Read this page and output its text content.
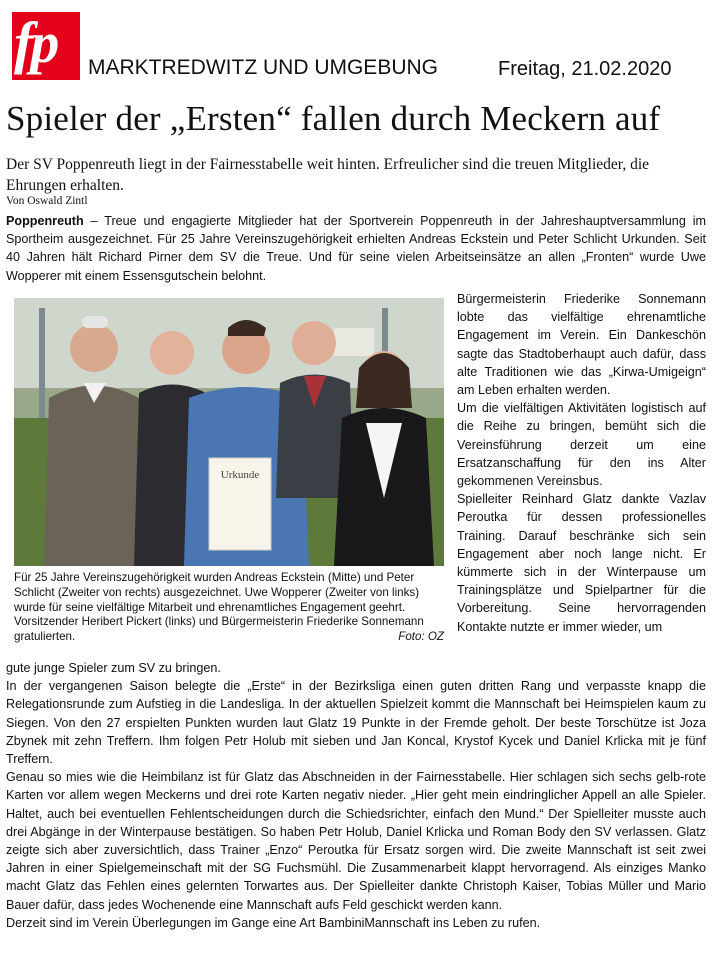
fp	MARKTREDWITZ UND UMGEBUNG	Freitag, 21.02.2020
Spieler der „Ersten“ fallen durch Meckern auf
Der SV Poppenreuth liegt in der Fairnesstabelle weit hinten. Erfreulicher sind die treuen Mitglieder, die Ehrungen erhalten.
Von Oswald Zintl
Poppenreuth – Treue und engagierte Mitglieder hat der Sportverein Poppenreuth in der Jahreshauptversammlung im Sportheim ausgezeichnet. Für 25 Jahre Vereinszugehörigkeit erhielten Andreas Eckstein und Peter Schlicht Urkunden. Seit 40 Jahren hält Richard Pirner dem SV die Treue. Und für seine vielen Arbeitseinsätze an allen „Fronten“ wurde Uwe Wopperer mit einem Essensgutschein belohnt.
Urkunde
Für 25 Jahre Vereinszugehörigkeit wurden Andreas Eckstein (Mitte) und Peter Schlicht (Zweiter von rechts) ausgezeichnet. Uwe Wopperer (Zweiter von links) wurde für seine vielfältige Mitarbeit und ehrenamtliches Engagement geehrt. Vorsitzender Heribert Pickert (links) und Bürgermeisterin Friederike Sonnemann gratulierten.	Foto: OZ

Bürgermeisterin Friederike Sonnemann lobte das vielfältige ehrenamtliche Engagement im Verein. Ein Dankeschön sagte das Stadtoberhaupt auch dafür, dass alte Traditionen wie das „Kirwa-Umigeign“ am Leben erhalten werden.

Um die vielfältigen Aktivitäten logistisch auf die Reihe zu bringen, bemüht sich die Vereinsführung derzeit um eine Ersatzanschaffung für den ins Alter gekommenen Vereinsbus.

Spielleiter Reinhard Glatz dankte Vazlav Peroutka für dessen professionelles Training. Darauf beschränke sich sein Engagement aber noch lange nicht. Er kümmerte sich in der Winterpause um Trainingsplätze und Spielpartner für die Vorbereitung. Seine hervorragenden Kontakte nutzte er immer wieder, um

gute junge Spieler zum SV zu bringen.

In der vergangenen Saison belegte die „Erste“ in der Bezirksliga einen guten dritten Rang und verpasste knapp die Relegationsrunde zum Aufstieg in die Landesliga. In der aktuellen Spielzeit kommt die Mannschaft bei Heimspielen kaum zu Siegen. Von den 27 erspielten Punkten wurden laut Glatz 19 Punkte in der Fremde geholt. Der beste Torschütze ist Joza Zbynek mit zehn Treffern. Ihm folgen Petr Holub mit sieben und Jan Koncal, Krystof Kycek und Daniel Krlicka mit je fünf Treffern.

Genau so mies wie die Heimbilanz ist für Glatz das Abschneiden in der Fairnesstabelle. Hier schlagen sich sechs gelb-rote Karten vor allem wegen Meckerns und drei rote Karten negativ nieder. „Hier geht mein eindringlicher Appell an alle Spieler. Haltet, auch bei eventuellen Fehlentscheidungen durch die Schiedsrichter, einfach den Mund.“ Der Spielleiter musste auch drei Abgänge in der Winterpause bestätigen. So haben Petr Holub, Daniel Krlicka und Roman Body den SV verlassen. Glatz zeigte sich aber zuversichtlich, dass Trainer „Enzo“ Peroutka für Ersatz sorgen wird. Die zweite Mannschaft ist seit zwei Jahren in einer Spielgemeinschaft mit der SG Fuchsmühl. Die Zusammenarbeit klappt hervorragend. Als einziges Manko macht Glatz das Fehlen eines gelernten Torwartes aus. Der Spielleiter dankte Christoph Kaiser, Tobias Müller und Mario Bauer dafür, dass jedes Wochenende eine Mannschaft aufs Feld geschickt werden kann.

Derzeit sind im Verein Überlegungen im Gange eine Art BambiniMannschaft ins Leben zu rufen.
